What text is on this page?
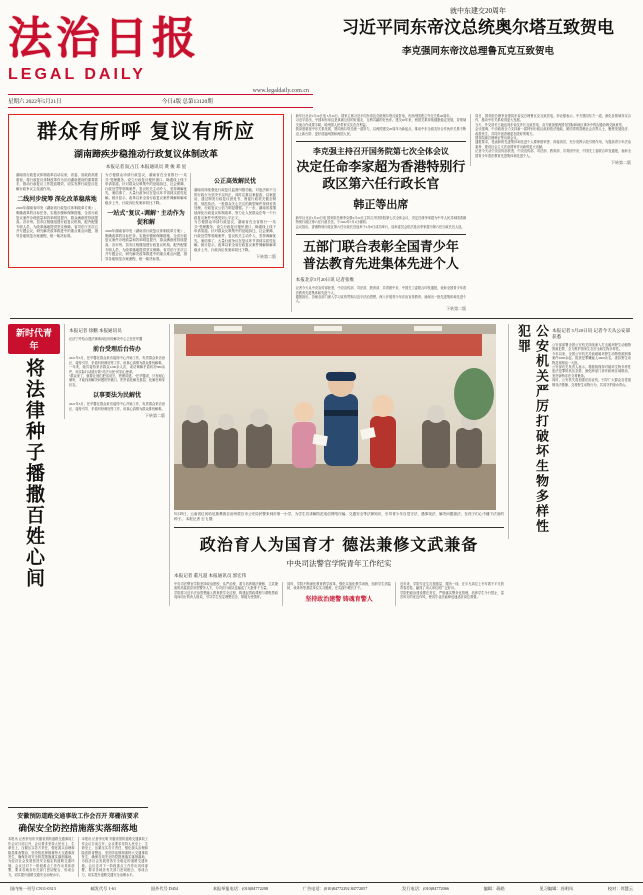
法治日报
LEGAL DAILY
www.legaldaily.com.cn
星期六 2022年5月21日	今日4版 总第13120期
就中东建交20周年
习近平同东帝汶总统奥尔塔互致贺电
李克强同东帝汶总理鲁瓦克互致贺电
群众有所呼 复议有所应
湖南蹄疾步稳推动行政复议体制改革
本报记者 阮占江 本报通讯员 黄 俊 邓 星
湖南省行政复议体制改革启动以来，省委、省政府高度重视，将行政复议体制改革作为法治湖南建设的重要抓手，推动行政复议工作提质增效，切实发挥行政复议化解行政争议主渠道作用。
二线河步统筹 深化改革稳落地
2020年湖南省印发《湖南省行政复议体制改革方案》，明确改革的目标任务、实施步骤和保障措施，全省行政复议案件办理质量和效率明显提升，群众满意度持续提高。各市州、县市区相继组建行政复议机构，配齐配强专职人员，为改革落地提供坚实保障。省司法厅多次召开专题会议，研究解决改革推进中的重点难点问题，指导各地规范办案流程、统一裁决标准。
为方便群众申请行政复议，湖南省在全省推行"一站式"受理服务，设立行政复议便民窗口，畅通线上线下申请渠道。针对群众反映集中的征地拆迁、社会保障、行政处罚等领域案件，复议机关主动介入，坚持调解优先、案结事了，大量行政争议在复议环节得到实质性化解。统计显示，改革以来全省行政复议案件调解和解率稳步上升，行政诉讼发案率同比下降。
一站式"复议+调解" 主动作为促和解
2020年湖南省印发《湖南省行政复议体制改革方案》，明确改革的目标任务、实施步骤和保障措施，全省行政复议案件办理质量和效率明显提升，群众满意度持续提高。各市州、县市区相继组建行政复议机构，配齐配强专职人员，为改革落地提供坚实保障。省司法厅多次召开专题会议，研究解决改革推进中的重点难点问题，指导各地规范办案流程、统一裁决标准。
公正高效解民忧
湖南省持续强化行政复议监督纠错功能，对违法和不当的行政行为坚决予以纠正，同时注重以案促改、以案促治，通过制发行政复议意见书，督促行政机关健全制度、规范执法。一批群众关心关注的典型案件得到妥善处理，行政复议公信力明显增强。下一步，湖南省将继续深化行政复议体制改革，努力让人民群众在每一个行政复议案件中感受到公平正义。
为方便群众申请行政复议，湖南省在全省推行"一站式"受理服务，设立行政复议便民窗口，畅通线上线下申请渠道。针对群众反映集中的征地拆迁、社会保障、行政处罚等领域案件，复议机关主动介入，坚持调解优先、案结事了，大量行政争议在复议环节得到实质性化解。统计显示，改革以来全省行政复议案件调解和解率稳步上升，行政诉讼发案率同比下降。
下转第二版
新华社北京5月20日电 5月20日，国家主席习近平同东帝汶总统奥尔塔互致贺电，庆祝两国建立外交关系20周年。
习近平指出，中国和东帝汶是真诚互信的好朋友、互利共赢的好伙伴。建交20年来，两国关系持续健康稳定发展，各领域交流合作成果丰硕，给两国人民带来实实在在利益。
我高度重视中东关系发展，愿同奥尔塔总统一道努力，以两国建交20周年为新起点，推动中东全面友好合作伙伴关系不断迈上新台阶，更好造福两国和两国人民。
李克强主持召开国务院第七次全体会议
决定任命李家超为香港特别行政区第六任行政长官
韩正等出席
新华社北京5月20日电 国务院总理李克强5月20日主持召开国务院第七次全体会议，决定任命李家超为中华人民共和国香港特别行政区第六任行政长官，于2022年7月1日就职。
会议指出，香港特别行政区第六任行政长官选举于5月8日成功举行，选举委员会依法选出李家超为第六任行政长官人选。
五部门联合表彰全国青少年
普法教育先进集体先进个人
本报北京5月20日讯 记者张维
记者今天从中央宣传部获悉，中央宣传部、司法部、教育部、共青团中央、中国关工委联合印发通报，表彰全国青少年普法教育先进集体和先进个人。
通报指出，各地各部门深入学习宣传贯彻习近平法治思想，深入开展青少年法治宣传教育，涌现出一批先进集体和先进个人。
下转第二版
同日，国务院总理李克强同东帝汶总理鲁瓦克互致贺电。李克强表示，中方愿同东方一道，深化各领域务实合作，推动中东关系取得更大发展。
当天，外交部长王毅也同东帝汶外长互致贺电，双方就加强两国在国际和地区事务中的沟通协调交换意见。
会议强调，中央政府全力支持新一届特别行政区政府依法施政，团结带领香港社会各界人士，聚焦发展经济、改善民生，共同开创香港更加美好的明天。
国务院副总理韩正等出席会议。
通报要求，受表彰的先进集体和先进个人要珍惜荣誉、再接再厉，充分发挥示范引领作用，为提高青少年法治素养、建设社会主义法治国家作出新的更大贡献。
记者今天从中央宣传部获悉，中央宣传部、司法部、教育部、共青团中央、中国关工委联合印发通报，表彰全国青少年普法教育先进集体和先进个人。
下转第二版
新时代青年
将法律种子播撒百姓心间
本报记者 徐鹏 本报通讯员
记济宁并哈合建法律事诉讼纠纷解决中心主任任华馨
前台受理后台传办
2021年5月，任华馨在群众来访接待中心开始工作，负责群众来访登记、接待引导、矛盾纠纷调处等工作，用真心真情为群众排忧解难。
一年来，她共接待来访群众1200余人次，成功调解矛盾纠纷380余件，用实际行动践行着"司法为民"的初心使命。
"群众来了，就要让他们把话说完、把理讲透。"任华馨说，只有耐心倾听，才能找到解决问题的突破口，把矛盾化解在基层、化解在萌芽状态。
以事要法为民解忧
2021年5月，任华馨在群众来访接待中心开始工作，负责群众来访登记、接待引导、矛盾纠纷调处等工作，用真心真情为群众排忧解难。
下转第二版
5月20日，云南省红河哈尼族彝族自治州蒙自市公安局民警来到市第一小学，为学生们讲解防范电信网络诈骗、交通安全等法律知识，引导青少年自觉守法、遇事找法、解决问题靠法，在孩子们心中播下法治的种子。 本报记者 石飞 摄
政治育人为国育才 德法兼修文武兼备
中央司法警官学院青年工作纪实
本报记者 董凡超 本报通讯员 郭宏伟
中央司法警官学院坚持政治建校、从严治校，着力培养德法兼修、文武兼备的高素质应用型警务人才，为司法行政队伍输送了大批骨干力量。
学院将习近平法治思想融入教育教学全过程，构建起思政课程与课程思政同向同行的育人格局，引导学生坚定理想信念、厚植为民情怀。
同时，学院不断深化教育教学改革，强化实战化教学训练，组织学生到监狱、戒毒所等基层单位实习锻炼，在实践中增长才干。
坚持政治建警 铸魂育警人
近年来，学院毕业生扎根基层、服务一线，在平凡岗位上书写着不平凡的青春答卷，赢得了用人单位的广泛好评。
学院把政治建设摆在首位，严格落实警务化管理，培养学生令行禁止、雷厉风行的优良作风，使其毕业后能够迅速适应岗位需要。
公安机关严厉打破坏生物多样性犯罪	本报记者 5月20日讯 记者今天从公安部获悉
公安部部署全国公安机关持续深入打击破坏野生动植物资源犯罪，全力维护国家生态安全和生物多样性。
今年以来，全国公安机关共侦破破坏野生动物资源刑事案件2000余起，抓获犯罪嫌疑人3000余名，查扣野生动物及其制品一大批。
公安部有关负责人表示，将继续保持对破坏生物多样性违法犯罪的高压态势，深化跨部门协作和跨区域联动，坚决斩断非法交易链条。
同时，公安机关将加强法治宣传，引导广大群众自觉抵制非法猎捕、交易野生动物行为，共同守护绿水青山。
安徽预防道路交通事故工作会召开 郑栅洁要求
确保安全防控措施落实落细落地
本报讯 记者李光明 安徽省预防道路交通事故工作会议日前召开，会议要求坚持人民至上、生命至上，压紧压实各方责任，强化源头治理和隐患排查整治，坚决防范遏制重特大交通事故发生，确保各项安全防控措施落实落细落地，为经济社会发展营造安全稳定的道路交通环境。会议还对下一阶段重点工作作出具体部署，要求各地各有关部门密切配合、形成合力，切实提升道路交通安全治理水平。
本报讯 记者李光明 安徽省预防道路交通事故工作会议日前召开，会议要求坚持人民至上、生命至上，压紧压实各方责任，强化源头治理和隐患排查整治，坚决防范遏制重特大交通事故发生，确保各项安全防控措施落实落细落地，为经济社会发展营造安全稳定的道路交通环境。会议还对下一阶段重点工作作出具体部署，要求各地各有关部门密切配合、形成合力，切实提升道路交通安全治理水平。
国内统一刊号 CN11-0313	邮发代号 1-61	国外代号 D454	本报举报电话：(010)84772208	广告电话：(010)84772292 84772057	发行电话：(010)84772066	编辑：蒋皓	见习编辑：苏明凤	校对：邻慧云
